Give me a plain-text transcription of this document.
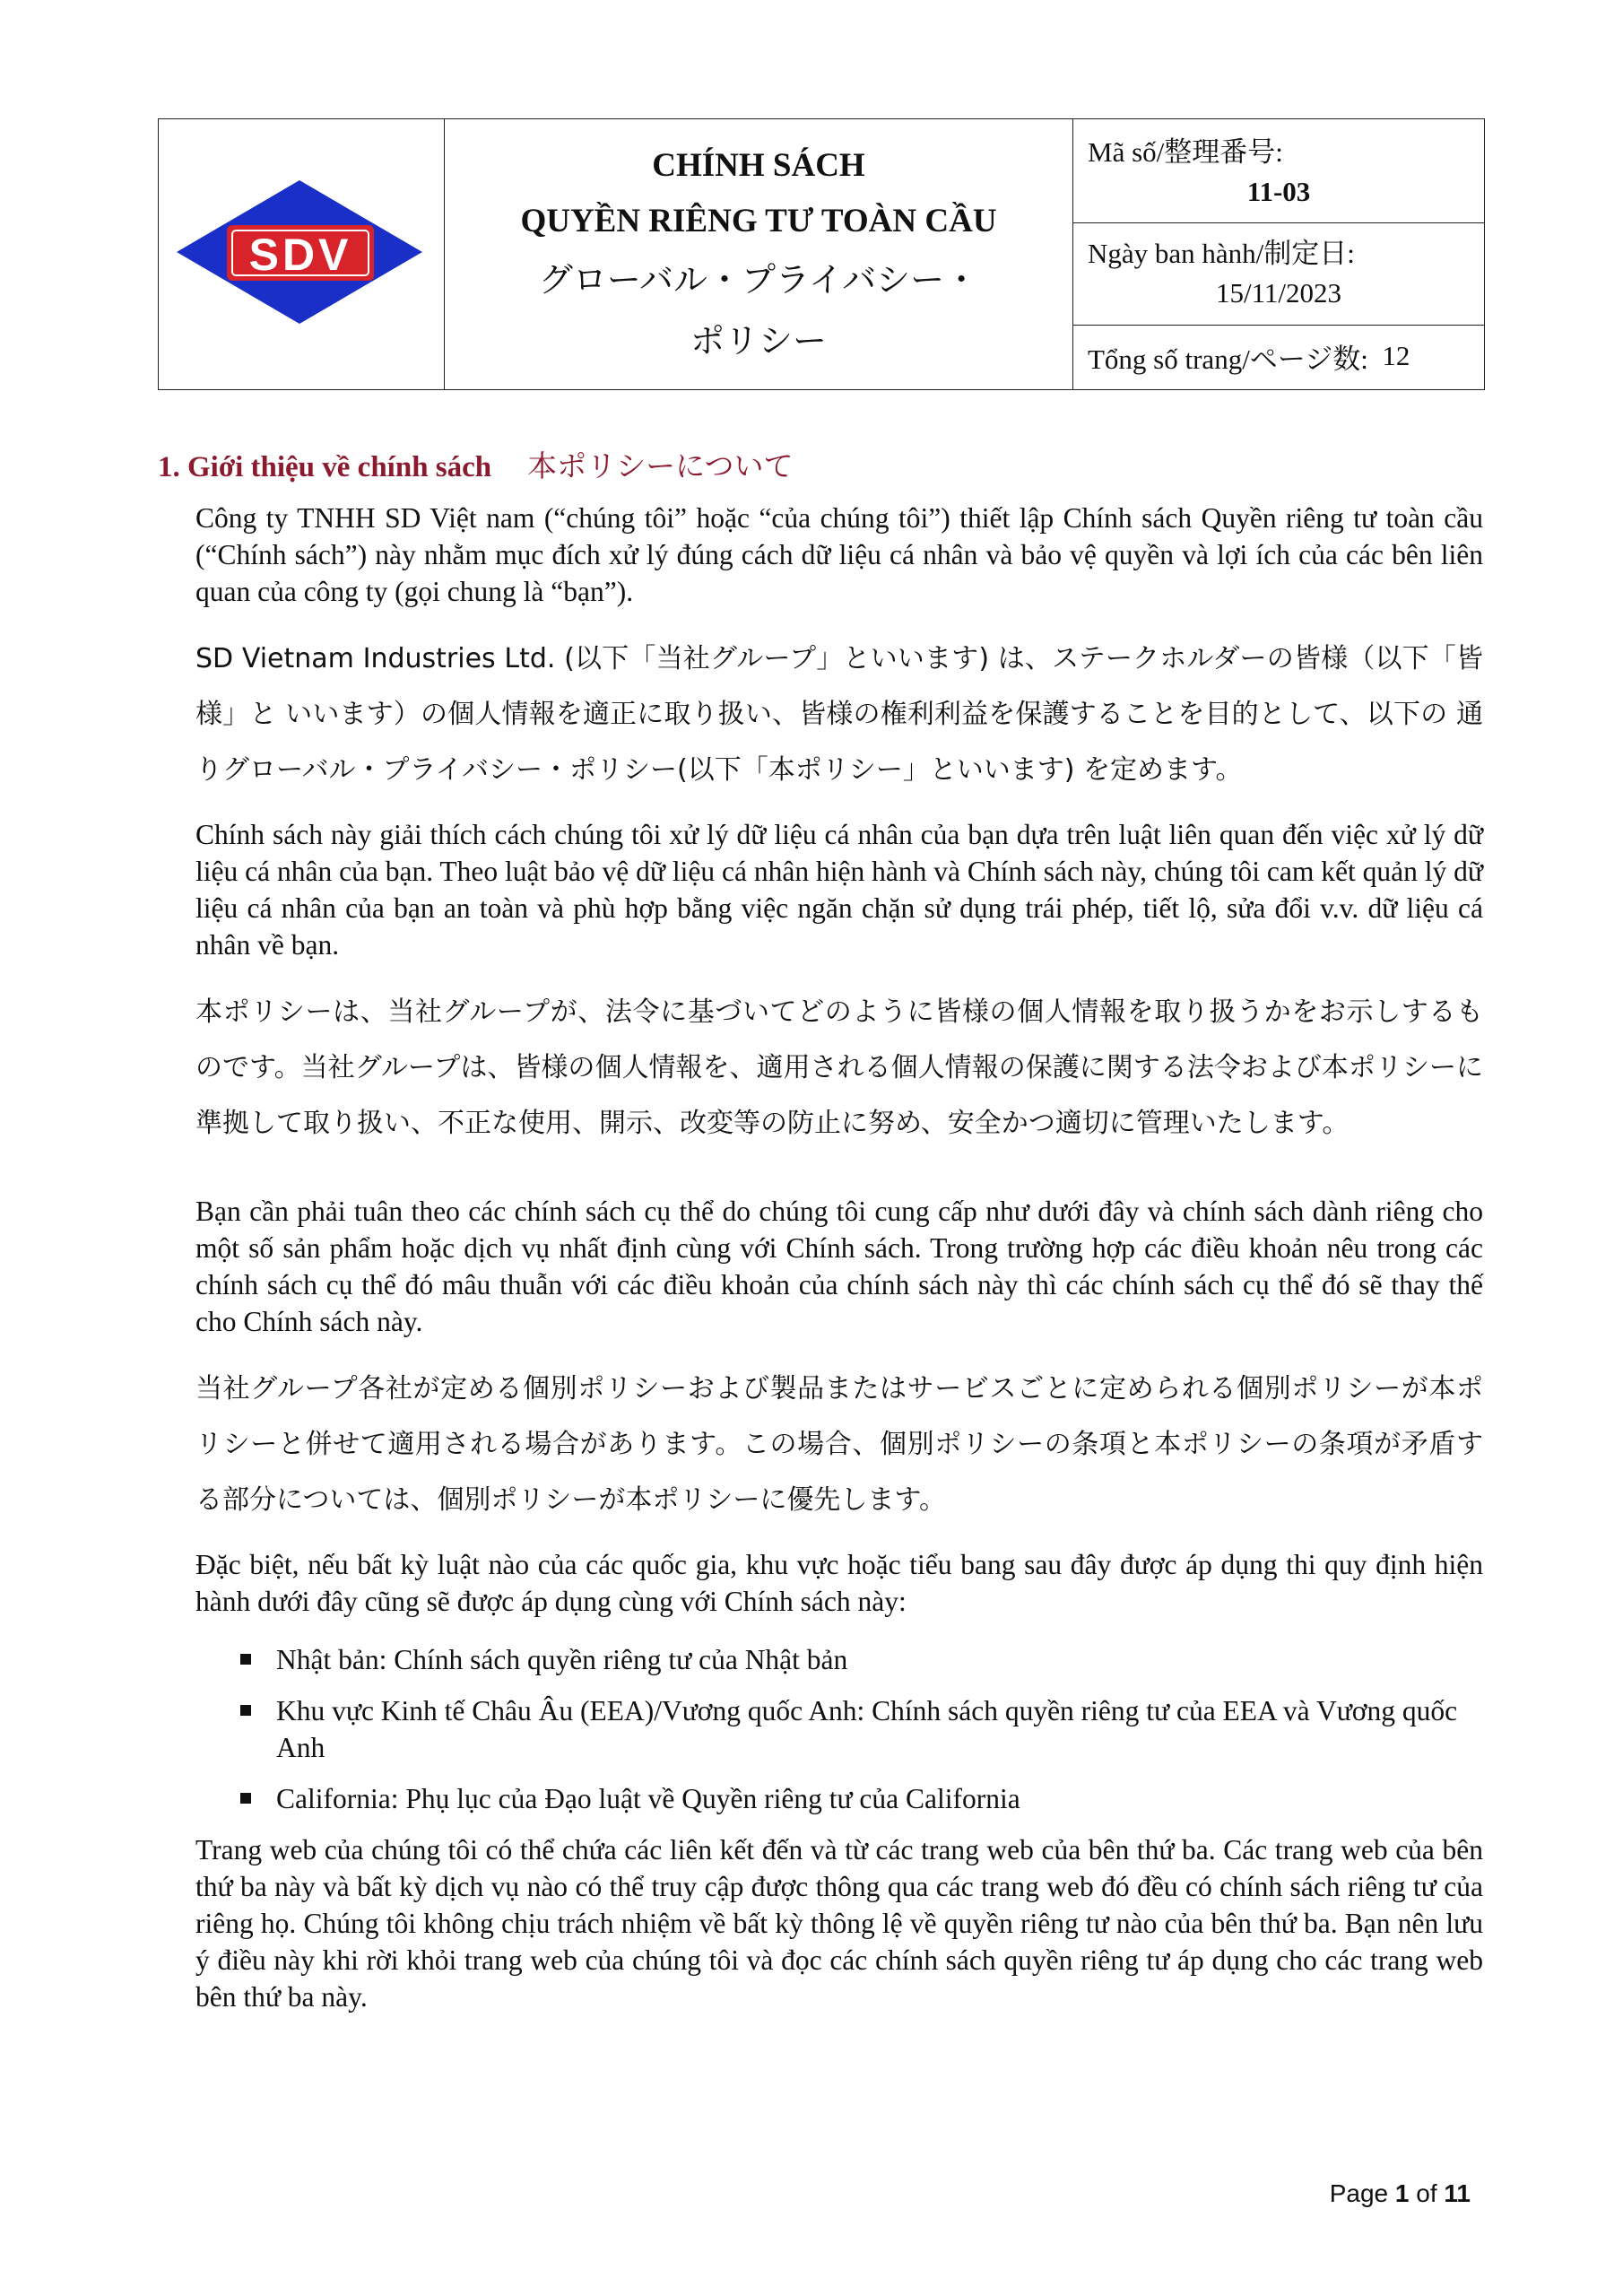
SDV

CHÍNH SÁCH
QUYỀN RIÊNG TƯ TOÀN CẦU
グローバル・プライバシー・
ポリシー

Mã số/整理番号:
11-03
Ngày ban hành/制定日:
15/11/2023
Tổng số trang/ページ数:
12
1. Giới thiệu về chính sách 本ポリシーについて
Công ty TNHH SD Việt nam (“chúng tôi” hoặc “của chúng tôi”) thiết lập Chính sách Quyền riêng tư toàn cầu (“Chính sách”) này nhằm mục đích xử lý đúng cách dữ liệu cá nhân và bảo vệ quyền và lợi ích của các bên liên quan của công ty (gọi chung là “bạn”).
SD Vietnam Industries Ltd. (以下「当社グループ」といいます) は、ステークホルダーの皆様（以下「皆様」と いいます）の個人情報を適正に取り扱い、皆様の権利利益を保護することを目的として、以下の 通りグローバル・プライバシー・ポリシー(以下「本ポリシー」といいます) を定めます。
Chính sách này giải thích cách chúng tôi xử lý dữ liệu cá nhân của bạn dựa trên luật liên quan đến việc xử lý dữ liệu cá nhân của bạn. Theo luật bảo vệ dữ liệu cá nhân hiện hành và Chính sách này, chúng tôi cam kết quản lý dữ liệu cá nhân của bạn an toàn và phù hợp bằng việc ngăn chặn sử dụng trái phép, tiết lộ, sửa đổi v.v. dữ liệu cá nhân về bạn.
本ポリシーは、当社グループが、法令に基づいてどのように皆様の個人情報を取り扱うかをお示しするものです。当社グループは、皆様の個人情報を、適用される個人情報の保護に関する法令および本ポリシーに準拠して取り扱い、不正な使用、開示、改変等の防止に努め、安全かつ適切に管理いたします。
Bạn cần phải tuân theo các chính sách cụ thể do chúng tôi cung cấp như dưới đây và chính sách dành riêng cho một số sản phẩm hoặc dịch vụ nhất định cùng với Chính sách. Trong trường hợp các điều khoản nêu trong các chính sách cụ thể đó mâu thuẫn với các điều khoản của chính sách này thì các chính sách cụ thể đó sẽ thay thế cho Chính sách này.
当社グループ各社が定める個別ポリシーおよび製品またはサービスごとに定められる個別ポリシーが本ポリシーと併せて適用される場合があります。この場合、個別ポリシーの条項と本ポリシーの条項が矛盾する部分については、個別ポリシーが本ポリシーに優先します。
Đặc biệt, nếu bất kỳ luật nào của các quốc gia, khu vực hoặc tiểu bang sau đây được áp dụng thi quy định hiện hành dưới đây cũng sẽ được áp dụng cùng với Chính sách này:
Nhật bản: Chính sách quyền riêng tư của Nhật bản
Khu vực Kinh tế Châu Âu (EEA)/Vương quốc Anh: Chính sách quyền riêng tư của EEA và Vương quốc Anh
California: Phụ lục của Đạo luật về Quyền riêng tư của California
Trang web của chúng tôi có thể chứa các liên kết đến và từ các trang web của bên thứ ba. Các trang web của bên thứ ba này và bất kỳ dịch vụ nào có thể truy cập được thông qua các trang web đó đều có chính sách riêng tư của riêng họ. Chúng tôi không chịu trách nhiệm về bất kỳ thông lệ về quyền riêng tư nào của bên thứ ba. Bạn nên lưu ý điều này khi rời khỏi trang web của chúng tôi và đọc các chính sách quyền riêng tư áp dụng cho các trang web bên thứ ba này.
Page 1 of 11
